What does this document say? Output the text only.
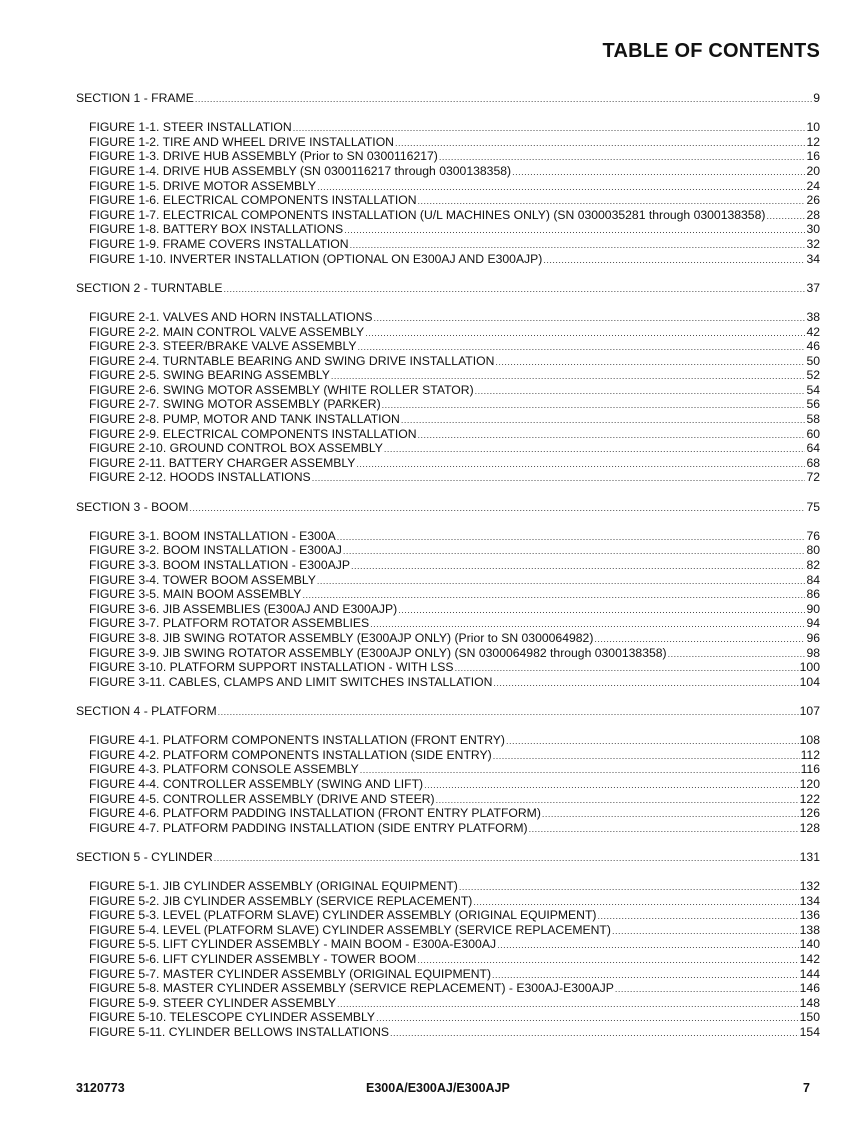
TABLE OF CONTENTS
SECTION 1 - FRAME .....	9
FIGURE 1-1. STEER INSTALLATION .....	10
FIGURE 1-2. TIRE AND WHEEL DRIVE INSTALLATION .....	12
FIGURE 1-3. DRIVE HUB ASSEMBLY (Prior to SN 0300116217) .....	16
FIGURE 1-4. DRIVE HUB ASSEMBLY (SN 0300116217 through 0300138358) .....	20
FIGURE 1-5. DRIVE MOTOR ASSEMBLY .....	24
FIGURE 1-6. ELECTRICAL COMPONENTS INSTALLATION .....	26
FIGURE 1-7. ELECTRICAL COMPONENTS INSTALLATION (U/L MACHINES ONLY) (SN 0300035281 through 0300138358) .....	28
FIGURE 1-8. BATTERY BOX INSTALLATIONS .....	30
FIGURE 1-9. FRAME COVERS INSTALLATION .....	32
FIGURE 1-10. INVERTER INSTALLATION (OPTIONAL ON E300AJ AND E300AJP) .....	34
SECTION 2 - TURNTABLE .....	37
FIGURE 2-1. VALVES AND HORN INSTALLATIONS .....	38
FIGURE 2-2. MAIN CONTROL VALVE ASSEMBLY .....	42
FIGURE 2-3. STEER/BRAKE VALVE ASSEMBLY .....	46
FIGURE 2-4. TURNTABLE BEARING AND SWING DRIVE INSTALLATION .....	50
FIGURE 2-5. SWING BEARING ASSEMBLY .....	52
FIGURE 2-6. SWING MOTOR ASSEMBLY (WHITE ROLLER STATOR) .....	54
FIGURE 2-7. SWING MOTOR ASSEMBLY (PARKER) .....	56
FIGURE 2-8. PUMP, MOTOR AND TANK INSTALLATION .....	58
FIGURE 2-9. ELECTRICAL COMPONENTS INSTALLATION .....	60
FIGURE 2-10. GROUND CONTROL BOX ASSEMBLY .....	64
FIGURE 2-11. BATTERY CHARGER ASSEMBLY .....	68
FIGURE 2-12. HOODS INSTALLATIONS .....	72
SECTION 3 - BOOM .....	75
FIGURE 3-1. BOOM INSTALLATION - E300A .....	76
FIGURE 3-2. BOOM INSTALLATION - E300AJ .....	80
FIGURE 3-3. BOOM INSTALLATION - E300AJP .....	82
FIGURE 3-4. TOWER BOOM ASSEMBLY .....	84
FIGURE 3-5. MAIN BOOM ASSEMBLY .....	86
FIGURE 3-6. JIB ASSEMBLIES (E300AJ AND E300AJP) .....	90
FIGURE 3-7. PLATFORM ROTATOR ASSEMBLIES .....	94
FIGURE 3-8. JIB SWING ROTATOR ASSEMBLY (E300AJP ONLY) (Prior to SN 0300064982) .....	96
FIGURE 3-9. JIB SWING ROTATOR ASSEMBLY (E300AJP ONLY) (SN 0300064982 through 0300138358) .....	98
FIGURE 3-10. PLATFORM SUPPORT INSTALLATION - WITH LSS .....	100
FIGURE 3-11. CABLES, CLAMPS AND LIMIT SWITCHES INSTALLATION .....	104
SECTION 4 - PLATFORM .....	107
FIGURE 4-1. PLATFORM COMPONENTS INSTALLATION (FRONT ENTRY) .....	108
FIGURE 4-2. PLATFORM COMPONENTS INSTALLATION (SIDE ENTRY) .....	112
FIGURE 4-3. PLATFORM CONSOLE ASSEMBLY .....	116
FIGURE 4-4. CONTROLLER ASSEMBLY (SWING AND LIFT) .....	120
FIGURE 4-5. CONTROLLER ASSEMBLY (DRIVE AND STEER) .....	122
FIGURE 4-6. PLATFORM PADDING INSTALLATION (FRONT ENTRY PLATFORM) .....	126
FIGURE 4-7. PLATFORM PADDING INSTALLATION (SIDE ENTRY PLATFORM) .....	128
SECTION 5 - CYLINDER .....	131
FIGURE 5-1. JIB CYLINDER ASSEMBLY (ORIGINAL EQUIPMENT) .....	132
FIGURE 5-2. JIB CYLINDER ASSEMBLY (SERVICE REPLACEMENT) .....	134
FIGURE 5-3. LEVEL (PLATFORM SLAVE) CYLINDER ASSEMBLY (ORIGINAL EQUIPMENT) .....	136
FIGURE 5-4. LEVEL (PLATFORM SLAVE) CYLINDER ASSEMBLY (SERVICE REPLACEMENT) .....	138
FIGURE 5-5. LIFT CYLINDER ASSEMBLY - MAIN BOOM - E300A-E300AJ .....	140
FIGURE 5-6. LIFT CYLINDER ASSEMBLY - TOWER BOOM .....	142
FIGURE 5-7. MASTER CYLINDER ASSEMBLY (ORIGINAL EQUIPMENT) .....	144
FIGURE 5-8. MASTER CYLINDER ASSEMBLY (SERVICE REPLACEMENT) - E300AJ-E300AJP .....	146
FIGURE 5-9. STEER CYLINDER ASSEMBLY .....	148
FIGURE 5-10. TELESCOPE CYLINDER ASSEMBLY .....	150
FIGURE 5-11. CYLINDER BELLOWS INSTALLATIONS .....	154
3120773	E300A/E300AJ/E300AJP	7
